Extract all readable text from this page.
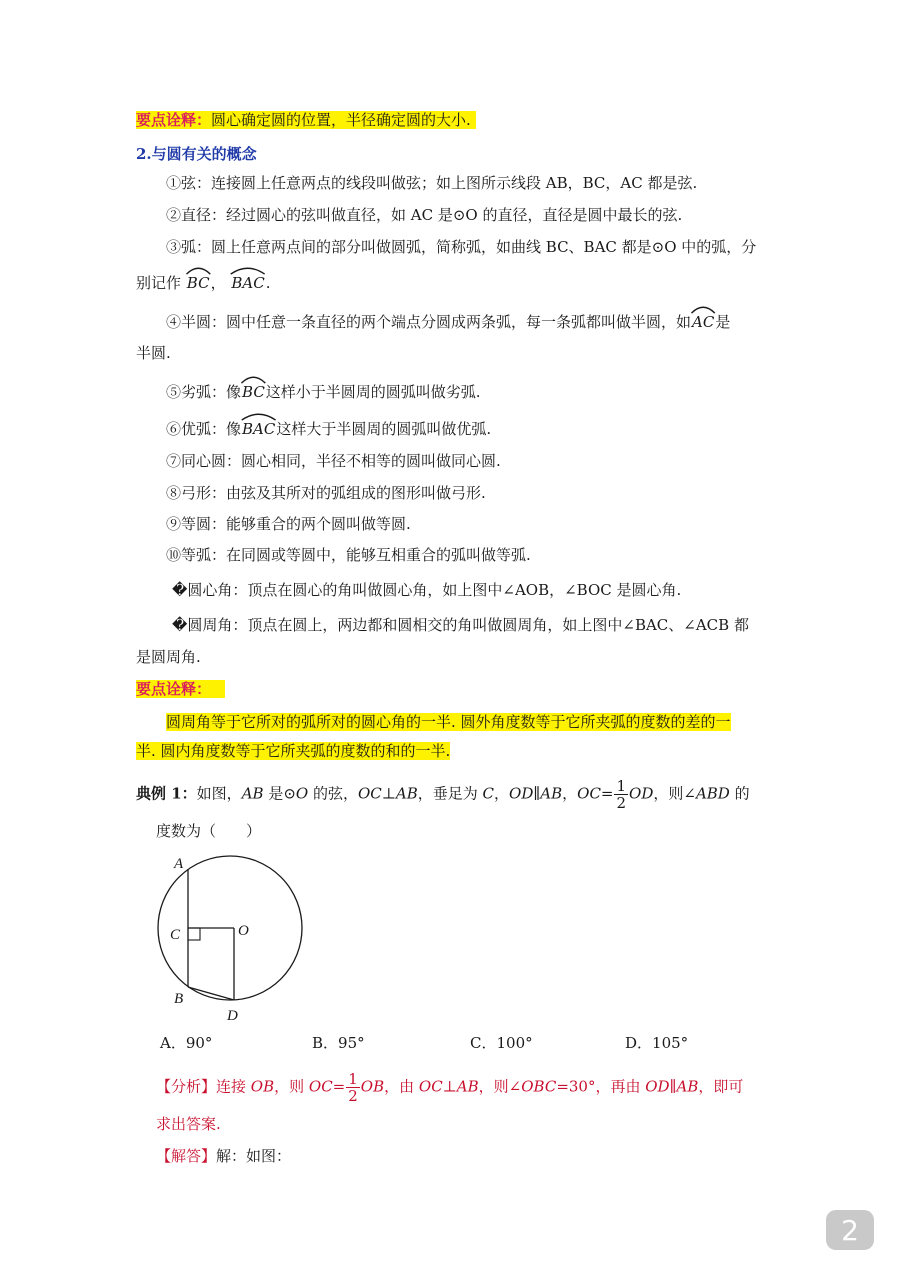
要点诠释：圆心确定圆的位置，半径确定圆的大小.
2.与圆有关的概念
①弦：连接圆上任意两点的线段叫做弦；如上图所示线段 AB，BC，AC 都是弦.
②直径：经过圆心的弦叫做直径，如 AC 是⊙O 的直径，直径是圆中最长的弦.
③弧：圆上任意两点间的部分叫做圆弧，简称弧，如曲线 BC、BAC 都是⊙O 中的弧，分
别记作 BC， BAC.
④半圆：圆中任意一条直径的两个端点分圆成两条弧，每一条弧都叫做半圆，如
AC是
半圆.
⑤劣弧：像
BC这样小于半圆周的圆弧叫做劣弧.
⑥优弧：像
BAC这样大于半圆周的圆弧叫做优弧.
⑦同心圆：圆心相同，半径不相等的圆叫做同心圆.
⑧弓形：由弦及其所对的弧组成的图形叫做弓形.
⑨等圆：能够重合的两个圆叫做等圆.
⑩等弧：在同圆或等圆中，能够互相重合的弧叫做等弧.
�圆心角：顶点在圆心的角叫做圆心角，如上图中∠AOB，∠BOC 是圆心角.
�圆周角：顶点在圆上，两边都和圆相交的角叫做圆周角，如上图中∠BAC、∠ACB 都
是圆周角.
要点诠释：
圆周角等于它所对的弧所对的圆心角的一半. 圆外角度数等于它所夹弧的度数的差的一
半. 圆内角度数等于它所夹弧的度数的和的一半.
典例 1：如图，AB 是⊙O 的弦，OC⊥AB，垂足为 C，OD∥AB，$OC= \frac{1}{2}$ OD，则∠ABD 的
度数为（　　）
A
C	O
B
D
A．90°	B．95°	C．100°	D．105°
【分析】连接 OB，则 $OC= \frac{1}{2}$ OB，由 OC⊥AB，则∠OBC=30°，再由 OD∥AB，即可
求出答案.
【解答】解：如图：
2
